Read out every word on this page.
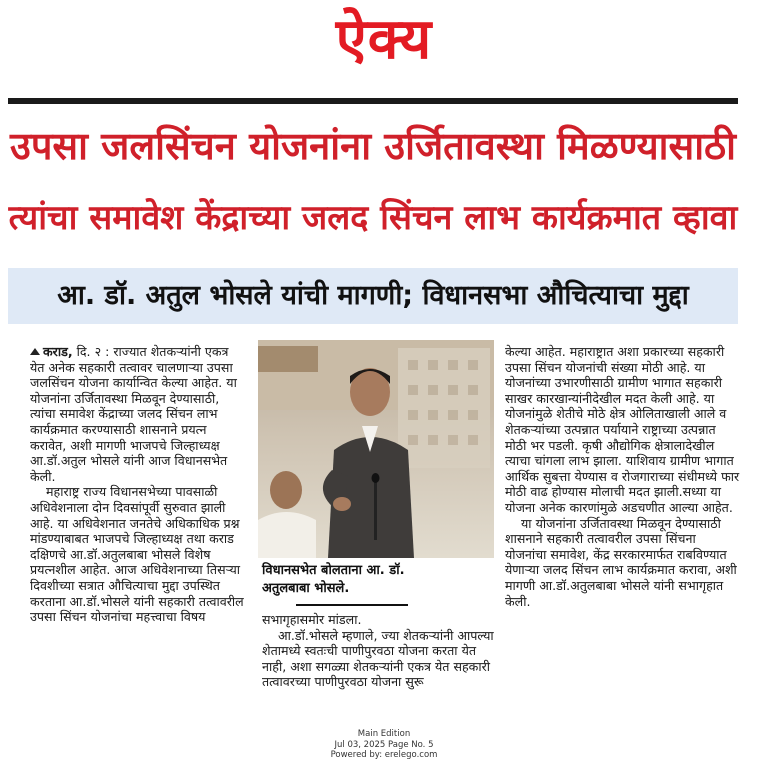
ऐक्य
उपसा जलसिंचन योजनांना उर्जितावस्था मिळण्यासाठी
त्यांचा समावेश केंद्राच्या जलद सिंचन लाभ कार्यक्रमात व्हावा
आ. डॉ. अतुल भोसले यांची मागणी; विधानसभा औचित्याचा मुद्दा

कराड, दि. २ : राज्यात शेतकऱ्यांनी एकत्र येत अनेक सहकारी तत्वावर चालणाऱ्या उपसा जलसिंचन योजना कार्यान्वित केल्या आहेत. या योजनांना उर्जितावस्था मिळवून देण्यासाठी, त्यांचा समावेश केंद्राच्या जलद सिंचन लाभ कार्यक्रमात करण्यासाठी शासनाने प्रयत्न करावेत, अशी मागणी भाजपचे जिल्हाध्यक्ष आ.डॉ.अतुल भोसले यांनी आज विधानसभेत केली.

महाराष्ट्र राज्य विधानसभेच्या पावसाळी अधिवेशनाला दोन दिवसांपूर्वी सुरुवात झाली आहे. या अधिवेशनात जनतेचे अधिकाधिक प्रश्न मांडण्याबाबत भाजपचे जिल्हाध्यक्ष तथा कराड दक्षिणचे आ.डॉ.अतुलबाबा भोसले विशेष प्रयत्नशील आहेत. आज अधिवेशनाच्या तिसऱ्या दिवशीच्या सत्रात औचित्याचा मुद्दा उपस्थित करताना आ.डॉ.भोसले यांनी सहकारी तत्वावरील उपसा सिंचन योजनांचा महत्त्वाचा विषय

विधानसभेत बोलताना आ. डॉ.
अतुलबाबा भोसले.

सभागृहासमोर मांडला.

आ.डॉ.भोसले म्हणाले, ज्या शेतकऱ्यांनी आपल्या शेतामध्ये स्वतःची पाणीपुरवठा योजना करता येत नाही, अशा सगळ्या शेतकऱ्यांनी एकत्र येत सहकारी तत्वावरच्या पाणीपुरवठा योजना सुरू

केल्या आहेत. महाराष्ट्रात अशा प्रकारच्या सहकारी उपसा सिंचन योजनांची संख्या मोठी आहे. या योजनांच्या उभारणीसाठी ग्रामीण भागात सहकारी साखर कारखान्यांनीदेखील मदत केली आहे. या योजनांमुळे शेतीचे मोठे क्षेत्र ओलिताखाली आले व शेतकऱ्यांच्या उत्पन्नात पर्यायाने राष्ट्राच्या उत्पन्नात मोठी भर पडली. कृषी औद्योगिक क्षेत्रालादेखील त्याचा चांगला लाभ झाला. याशिवाय ग्रामीण भागात आर्थिक सुबत्ता येण्यास व रोजगाराच्या संधीमध्ये फार मोठी वाढ होण्यास मोलाची मदत झाली.सध्या या योजना अनेक कारणांमुळे अडचणीत आल्या आहेत.

या योजनांना उर्जितावस्था मिळवून देण्यासाठी शासनाने सहकारी तत्वावरील उपसा सिंचना योजनांचा समावेश, केंद्र सरकारमार्फत राबविण्यात येणाऱ्या जलद सिंचन लाभ कार्यक्रमात करावा, अशी मागणी आ.डॉ.अतुलबाबा भोसले यांनी सभागृहात केली.

Main Edition
Jul 03, 2025 Page No. 5
Powered by: erelego.com
